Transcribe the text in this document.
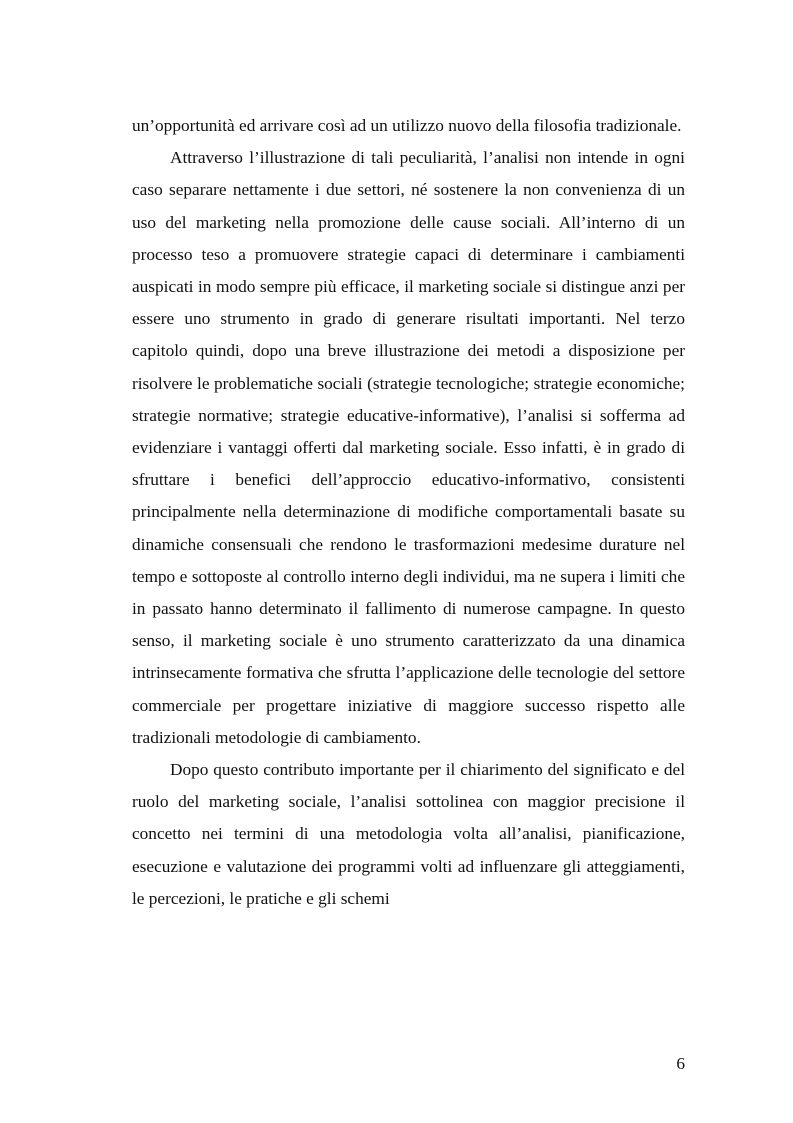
un’opportunità ed arrivare così ad un utilizzo nuovo della filosofia tradizionale.

Attraverso l’illustrazione di tali peculiarità, l’analisi non intende in ogni caso separare nettamente i due settori, né sostenere la non convenienza di un uso del marketing nella promozione delle cause sociali. All’interno di un processo teso a promuovere strategie capaci di determinare i cambiamenti auspicati in modo sempre più efficace, il marketing sociale si distingue anzi per essere uno strumento in grado di generare risultati importanti. Nel terzo capitolo quindi, dopo una breve illustrazione dei metodi a disposizione per risolvere le problematiche sociali (strategie tecnologiche; strategie economiche; strategie normative; strategie educative-informative), l’analisi si sofferma ad evidenziare i vantaggi offerti dal marketing sociale. Esso infatti, è in grado di sfruttare i benefici dell’approccio educativo-informativo, consistenti principalmente nella determinazione di modifiche comportamentali basate su dinamiche consensuali che rendono le trasformazioni medesime durature nel tempo e sottoposte al controllo interno degli individui, ma ne supera i limiti che in passato hanno determinato il fallimento di numerose campagne. In questo senso, il marketing sociale è uno strumento caratterizzato da una dinamica intrinsecamente formativa che sfrutta l’applicazione delle tecnologie del settore commerciale per progettare iniziative di maggiore successo rispetto alle tradizionali metodologie di cambiamento.

Dopo questo contributo importante per il chiarimento del significato e del ruolo del marketing sociale, l’analisi sottolinea con maggior precisione il concetto nei termini di una metodologia volta all’analisi, pianificazione, esecuzione e valutazione dei programmi volti ad influenzare gli atteggiamenti, le percezioni, le pratiche e gli schemi

6
